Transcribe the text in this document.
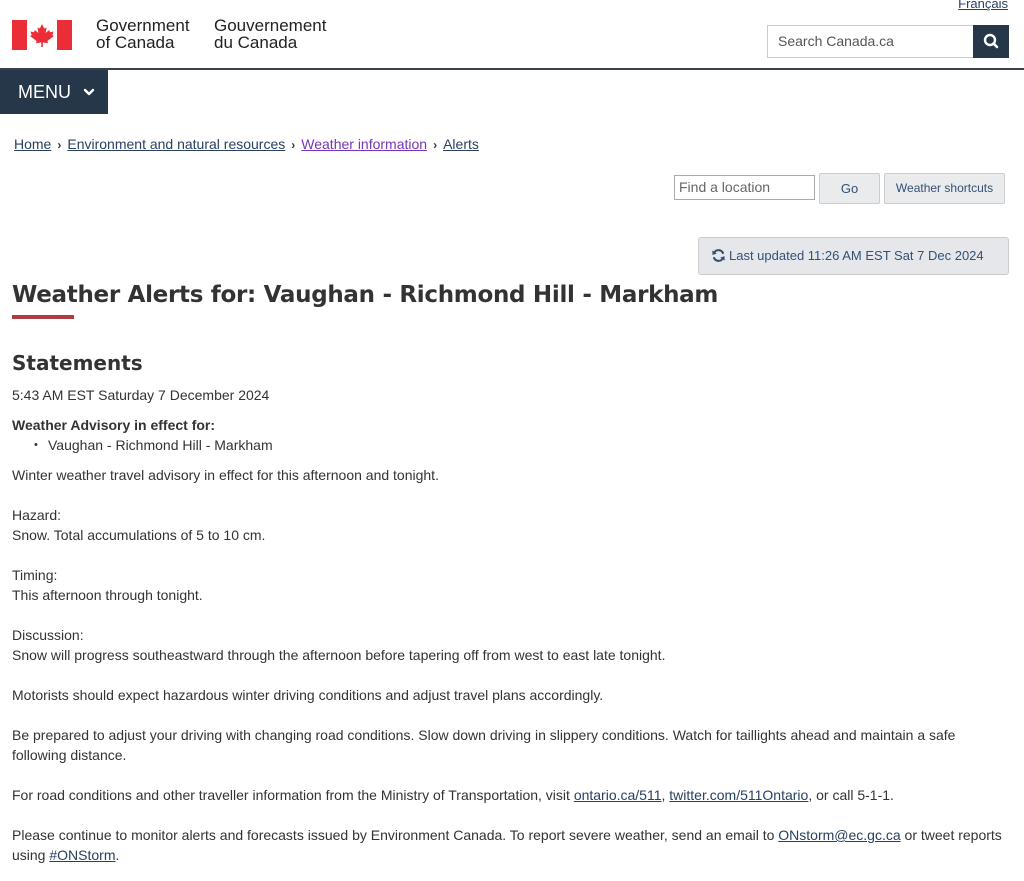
Français
Government
of Canada
Gouvernement
du Canada	Search Canada.ca
MENU
Home › Environment and natural resources › Weather information › Alerts
Find a location	Go	Weather shortcuts
Last updated 11:26 AM EST Sat 7 Dec 2024
Weather Alerts for: Vaughan - Richmond Hill - Markham
Statements

5:43 AM EST Saturday 7 December 2024

Weather Advisory in effect for:

• Vaughan - Richmond Hill - Markham

Winter weather travel advisory in effect for this afternoon and tonight.

Hazard:

Snow. Total accumulations of 5 to 10 cm.

Timing:

This afternoon through tonight.

Discussion:

Snow will progress southeastward through the afternoon before tapering off from west to east late tonight.

Motorists should expect hazardous winter driving conditions and adjust travel plans accordingly.

Be prepared to adjust your driving with changing road conditions. Slow down driving in slippery conditions. Watch for taillights ahead and maintain a safe following distance.

For road conditions and other traveller information from the Ministry of Transportation, visit ontario.ca/511, twitter.com/511Ontario, or call 5-1-1.

Please continue to monitor alerts and forecasts issued by Environment Canada. To report severe weather, send an email to ONstorm@ec.gc.ca or tweet reports using #ONStorm.
